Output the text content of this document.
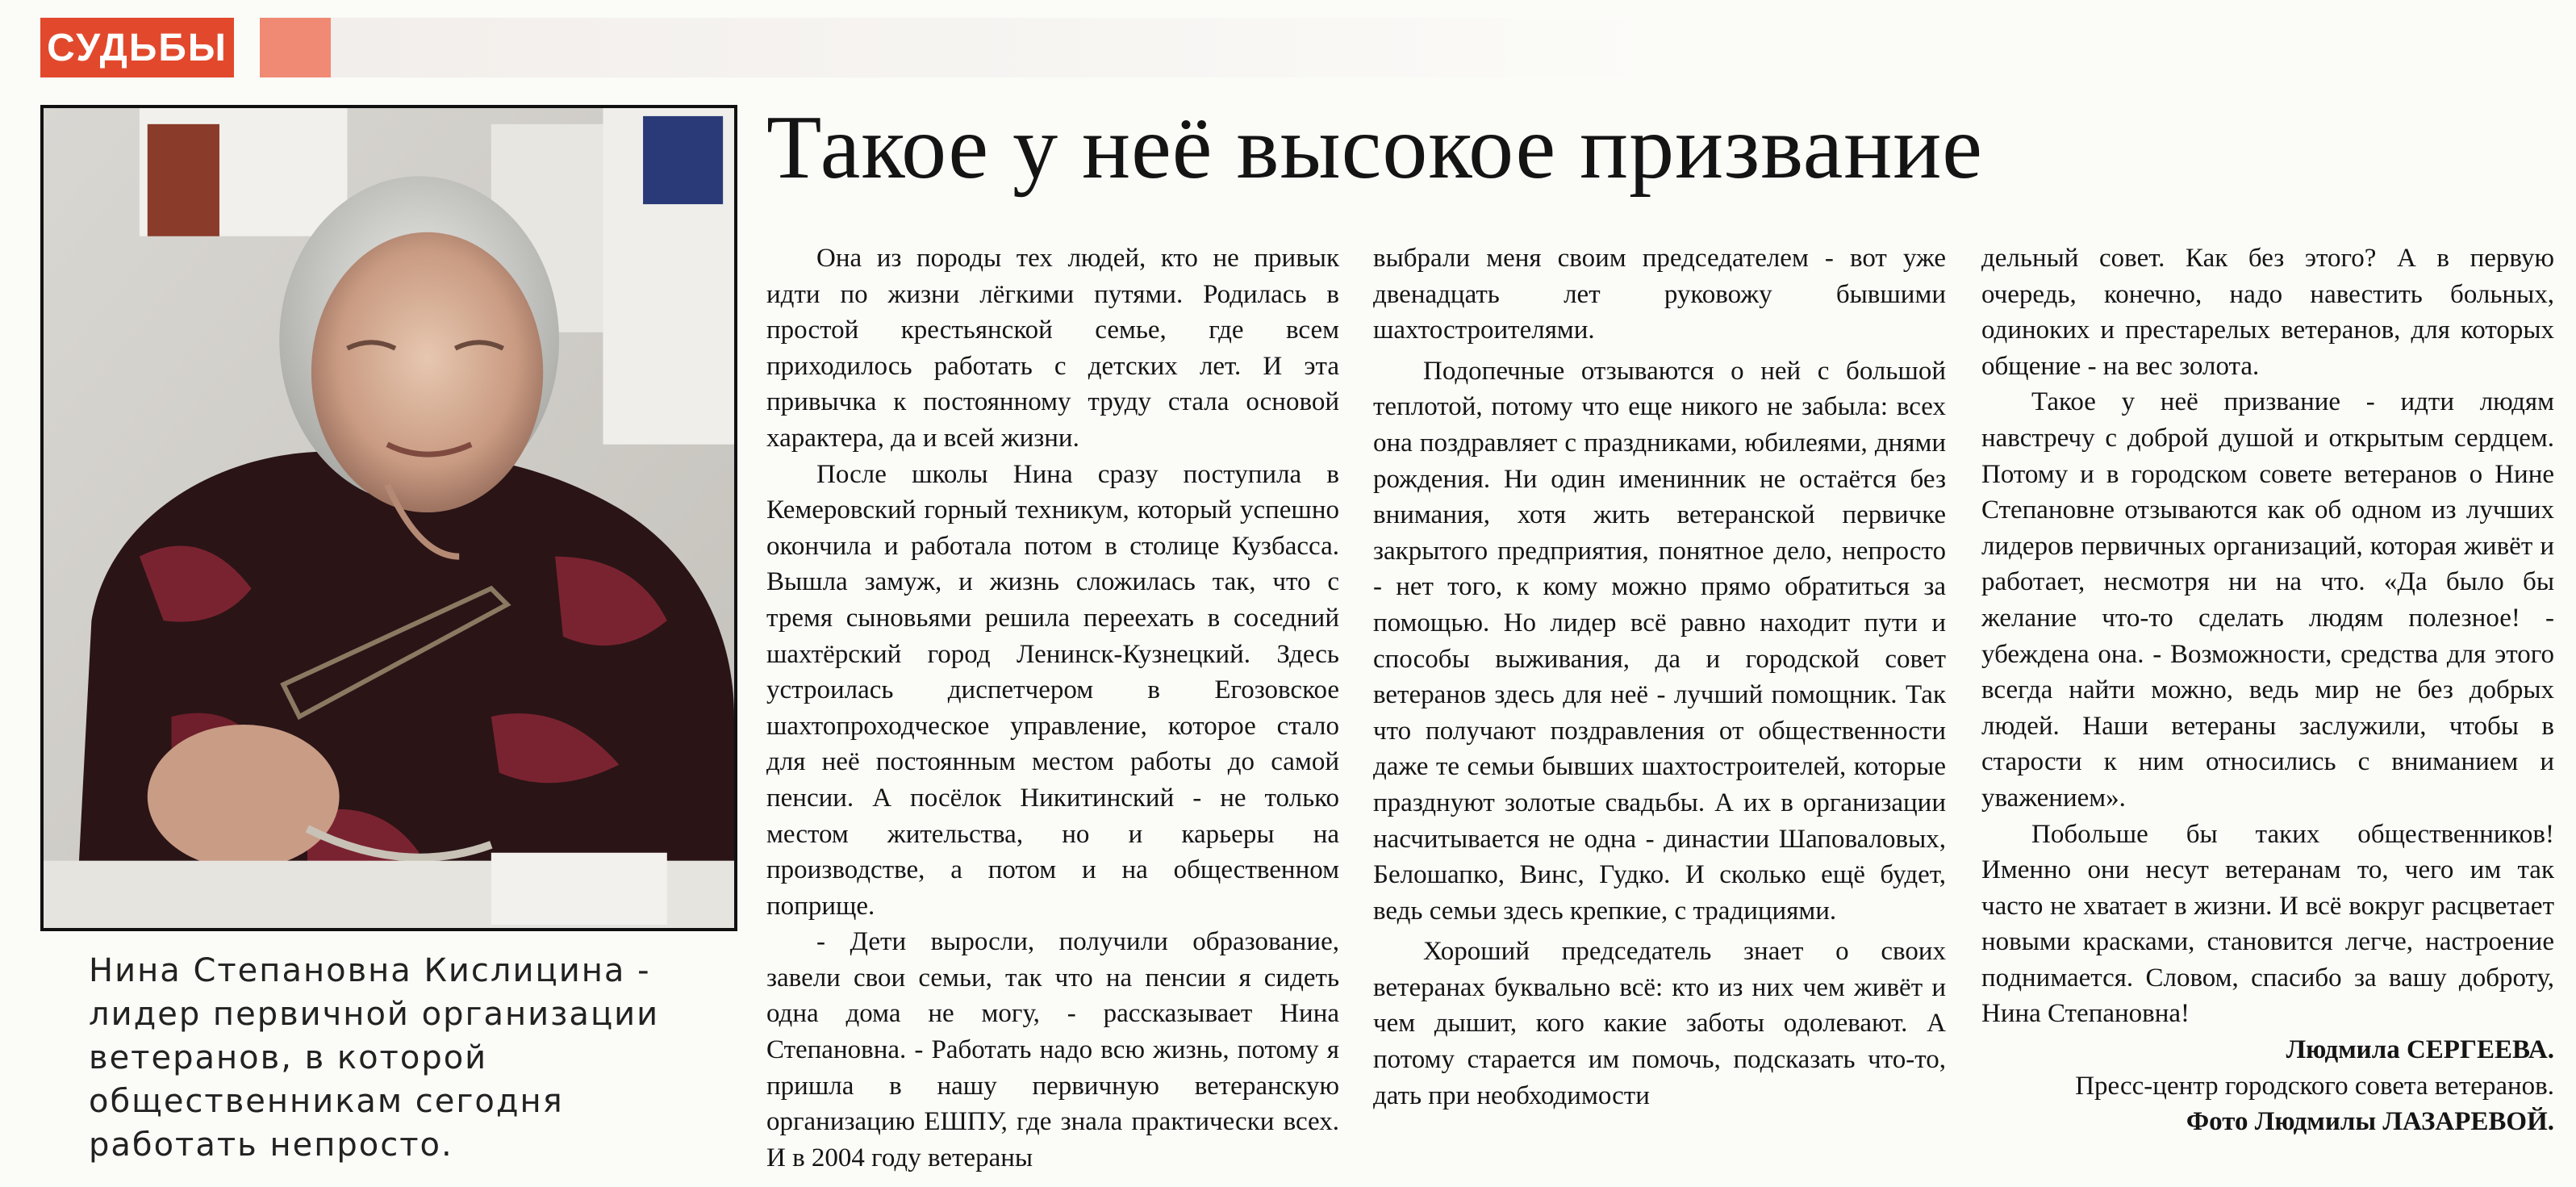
СУДЬБЫ
Нина Степановна Кислицина - лидер первичной организации ветеранов, в которой общественникам сегодня работать непросто.
Такое у неё высокое призвание

Она из породы тех людей, кто не привык идти по жизни лёгкими путями. Родилась в простой крестьянской семье, где всем приходилось работать с детских лет. И эта привычка к постоянному труду стала основой характера, да и всей жизни.

После школы Нина сразу поступила в Кемеровский горный техникум, который успешно окончила и работала потом в столице Кузбасса. Вышла замуж, и жизнь сложилась так, что с тремя сыновьями решила переехать в соседний шахтёрский город Ленинск-Кузнецкий. Здесь устроилась диспетчером в Егозовское шахтопроходческое управление, которое стало для неё постоянным местом работы до самой пенсии. А посёлок Никитинский - не только местом жительства, но и карьеры на производстве, а потом и на общественном поприще.

- Дети выросли, получили образование, завели свои семьи, так что на пенсии я сидеть одна дома не могу, - рассказывает Нина Степановна. - Работать надо всю жизнь, потому я пришла в нашу первичную ветеранскую организацию ЕШПУ, где знала практически всех. И в 2004 году ветераны

выбрали меня своим председателем - вот уже двенадцать лет руковожу бывшими шахтостроителями.

Подопечные отзываются о ней с большой теплотой, потому что еще никого не забыла: всех она поздравляет с праздниками, юбилеями, днями рождения. Ни один именинник не остаётся без внимания, хотя жить ветеранской первичке закрытого предприятия, понятное дело, непросто - нет того, к кому можно прямо обратиться за помощью. Но лидер всё равно находит пути и способы выживания, да и городской совет ветеранов здесь для неё - лучший помощник. Так что получают поздравления от общественности даже те семьи бывших шахтостроителей, которые празднуют золотые свадьбы. А их в организации насчитывается не одна - династии Шаповаловых, Белошапко, Винс, Гудко. И сколько ещё будет, ведь семьи здесь крепкие, с традициями.

Хороший председатель знает о своих ветеранах буквально всё: кто из них чем живёт и чем дышит, кого какие заботы одолевают. А потому старается им помочь, подсказать что-то, дать при необходимости

дельный совет. Как без этого? А в первую очередь, конечно, надо навестить больных, одиноких и престарелых ветеранов, для которых общение - на вес золота.

Такое у неё призвание - идти людям навстречу с доброй душой и открытым сердцем. Потому и в городском совете ветеранов о Нине Степановне отзываются как об одном из лучших лидеров первичных организаций, которая живёт и работает, несмотря ни на что. «Да было бы желание что-то сделать людям полезное! - убеждена она. - Возможности, средства для этого всегда найти можно, ведь мир не без добрых людей. Наши ветераны заслужили, чтобы в старости к ним относились с вниманием и уважением».

Побольше бы таких общественников! Именно они несут ветеранам то, чего им так часто не хватает в жизни. И всё вокруг расцветает новыми красками, становится легче, настроение поднимается. Словом, спасибо за вашу доброту, Нина Степановна!

Людмила СЕРГЕЕВА.

Пресс-центр городского совета ветеранов.

Фото Людмилы ЛАЗАРЕВОЙ.
